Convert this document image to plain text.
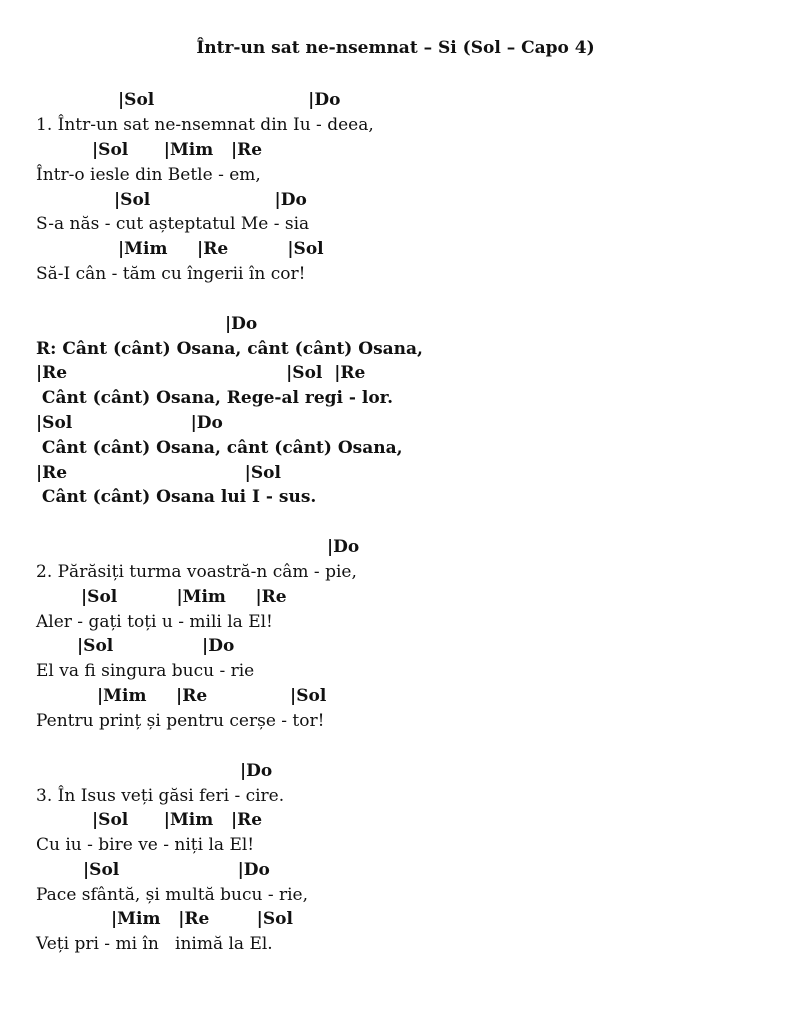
Într-un sat ne-nsemnat – Si (Sol – Capo 4)

|Sol                          |Do

1. Într-un sat ne-nsemnat din Iu - deea,

|Sol      |Mim   |Re

Într-o iesle din Betle - em,

|Sol                     |Do

S-a năs - cut așteptatul Me - sia

|Mim     |Re          |Sol

Să-I cân - tăm cu îngerii în cor!

|Do

R: Cânt (cânt) Osana, cânt (cânt) Osana,

|Re                                     |Sol  |Re

Cânt (cânt) Osana, Rege-al regi - lor.

|Sol                    |Do

Cânt (cânt) Osana, cânt (cânt) Osana,

|Re                              |Sol

Cânt (cânt) Osana lui I - sus.

|Do

2. Părăsiți turma voastră-n câm - pie,

|Sol          |Mim     |Re

Aler - gați toți u - mili la El!

|Sol               |Do

El va fi singura bucu - rie

|Mim     |Re              |Sol

Pentru prinț și pentru cerșe - tor!

|Do

3. În Isus veți găsi feri - cire.

|Sol      |Mim   |Re

Cu iu - bire ve - niți la El!

|Sol                    |Do

Pace sfântă, și multă bucu - rie,

|Mim   |Re        |Sol

Veți pri - mi în   inimă la El.
